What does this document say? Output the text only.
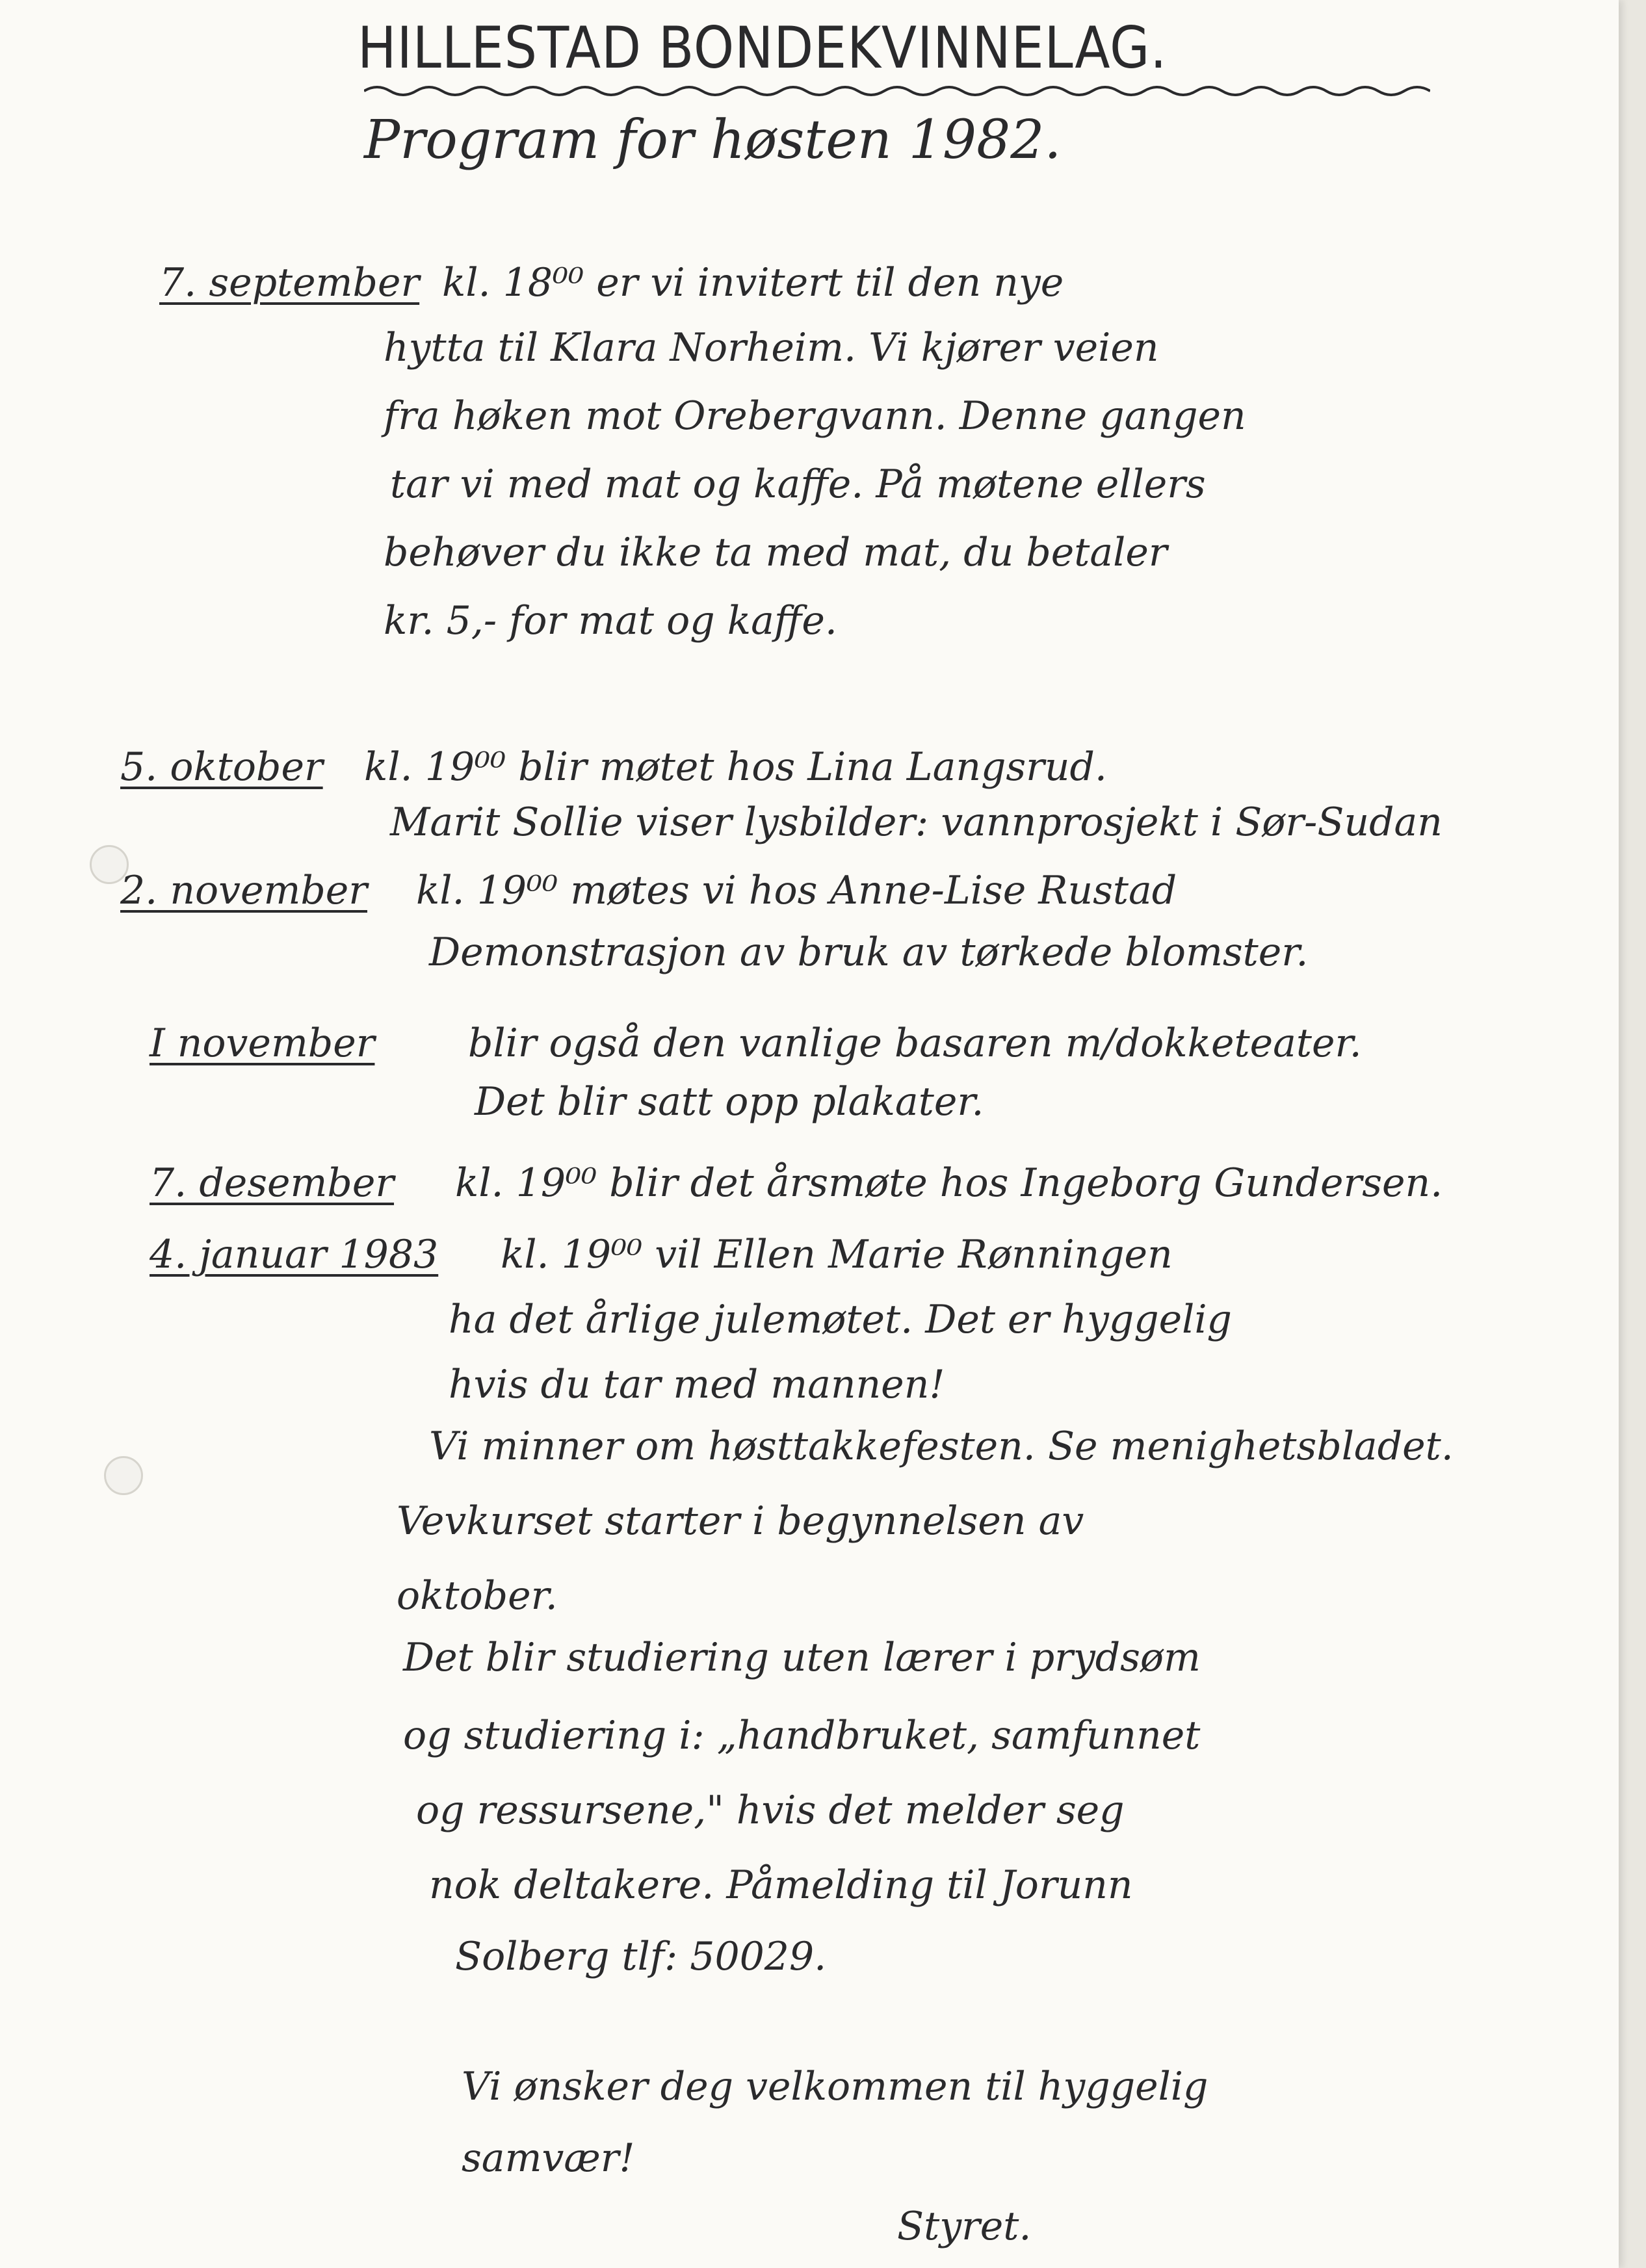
HILLESTAD BONDEKVINNELAG.
Program for høsten 1982.
7. september kl. 18⁰⁰ er vi invitert til den nye
hytta til Klara Norheim. Vi kjører veien
fra høken mot Orebergvann. Denne gangen
tar vi med mat og kaffe. På møtene ellers
behøver du ikke ta med mat, du betaler
kr. 5,- for mat og kaffe.
5. oktober kl. 19⁰⁰ blir møtet hos Lina Langsrud.
Marit Sollie viser lysbilder: vannprosjekt i Sør-Sudan
2. november kl. 19⁰⁰ møtes vi hos Anne-Lise Rustad
Demonstrasjon av bruk av tørkede blomster.
I november blir også den vanlige basaren m/dokketeater.
Det blir satt opp plakater.
7. desember kl. 19⁰⁰ blir det årsmøte hos Ingeborg Gundersen.
4. januar 1983 kl. 19⁰⁰ vil Ellen Marie Rønningen
ha det årlige julemøtet. Det er hyggelig
hvis du tar med mannen!
Vi minner om høsttakkefesten. Se menighetsbladet.
Vevkurset starter i begynnelsen av
oktober.
Det blir studiering uten lærer i prydsøm
og studiering i: „handbruket, samfunnet
og ressursene," hvis det melder seg
nok deltakere. Påmelding til Jorunn
Solberg tlf: 50029.
Vi ønsker deg velkommen til hyggelig
samvær!
Styret.
